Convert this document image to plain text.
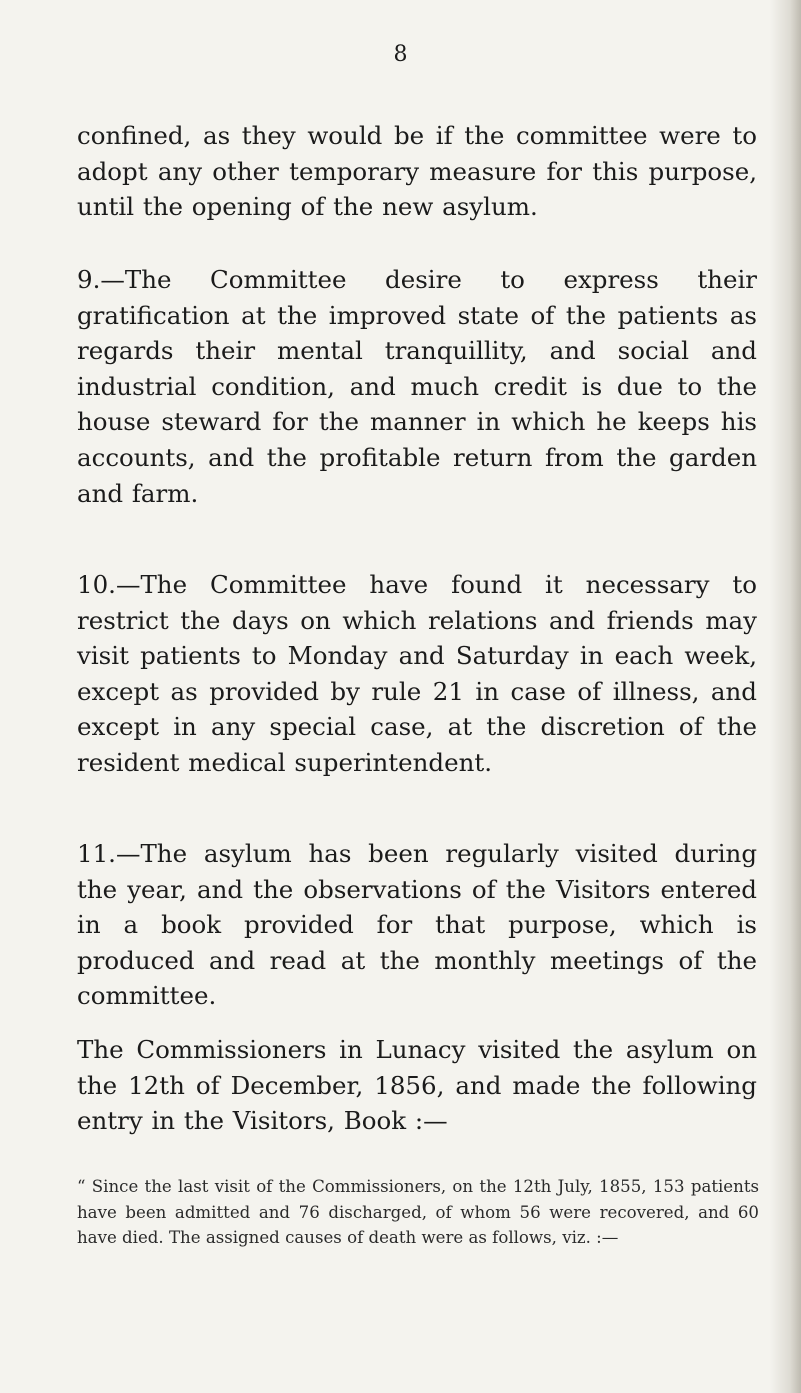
8

confined, as they would be if the committee were to adopt any other temporary measure for this purpose, until the opening of the new asylum.

9.—The Committee desire to express their gratification at the improved state of the patients as regards their mental tranquillity, and social and industrial condition, and much credit is due to the house steward for the manner in which he keeps his accounts, and the profitable return from the garden and farm.

10.—The Committee have found it necessary to restrict the days on which relations and friends may visit patients to Monday and Saturday in each week, except as provided by rule 21 in case of illness, and except in any special case, at the discretion of the resident medical superintendent.

11.—The asylum has been regularly visited during the year, and the observations of the Visitors entered in a book provided for that purpose, which is produced and read at the monthly meetings of the committee.

The Commissioners in Lunacy visited the asylum on the 12th of December, 1856, and made the following entry in the Visitors, Book :—

“ Since the last visit of the Commissioners, on the 12th July, 1855, 153 patients have been admitted and 76 discharged, of whom 56 were recovered, and 60 have died. The assigned causes of death were as follows, viz. :—
